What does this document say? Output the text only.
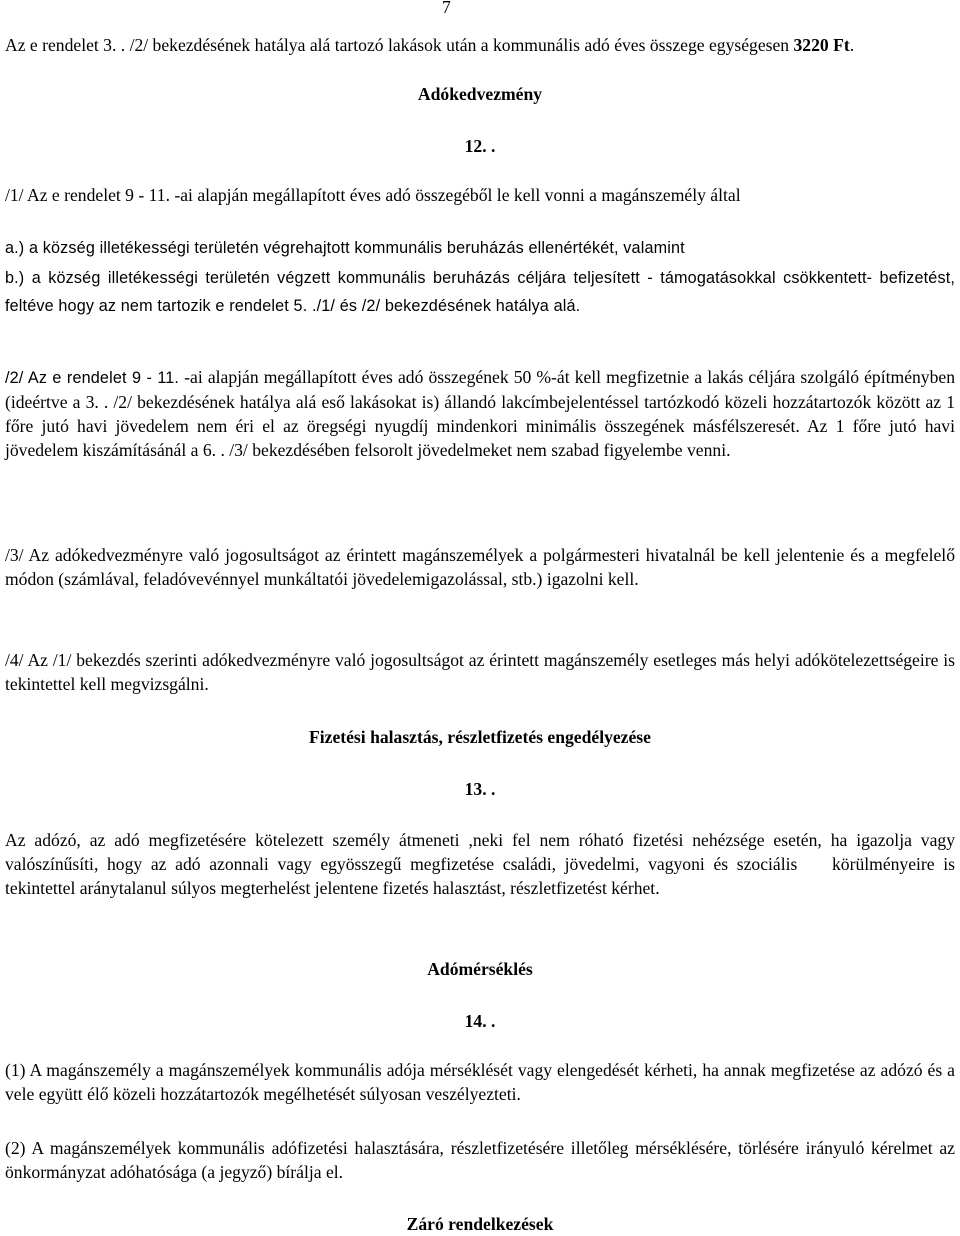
7

Az e rendelet 3. . /2/ bekezdésének hatálya alá tartozó lakások után a kommunális adó éves összege egységesen 3220 Ft.

Adókedvezmény

12. .

/1/ Az e rendelet 9 - 11. -ai alapján megállapított éves adó összegéből le kell vonni a magánszemély által

a.) a község illetékességi területén végrehajtott kommunális beruházás ellenértékét, valamint

b.) a község illetékességi területén végzett kommunális beruházás céljára teljesített - támogatásokkal csökkentett- befizetést, feltéve hogy az nem tartozik e rendelet 5. ./1/ és /2/ bekezdésének hatálya alá.

/2/ Az e rendelet 9 - 11. -ai alapján megállapított éves adó összegének 50 %-át kell megfizetnie a lakás céljára szolgáló építményben (ideértve a 3. . /2/ bekezdésének hatálya alá eső lakásokat is) állandó lakcímbejelentéssel tartózkodó közeli hozzátartozók között az 1 főre jutó havi jövedelem nem éri el az öregségi nyugdíj mindenkori minimális összegének másfélszeresét. Az 1 főre jutó havi jövedelem kiszámításánál a 6. . /3/ bekezdésében felsorolt jövedelmeket nem szabad figyelembe venni.

/3/ Az adókedvezményre való jogosultságot az érintett magánszemélyek a polgármesteri hivatalnál be kell jelentenie és a megfelelő módon (számlával, feladóvevénnyel munkáltatói jövedelemigazolással, stb.) igazolni kell.

/4/ Az /1/ bekezdés szerinti adókedvezményre való jogosultságot az érintett magánszemély esetleges más helyi adókötelezettségeire is tekintettel kell megvizsgálni.

Fizetési halasztás, részletfizetés engedélyezése

13. .

Az adózó, az adó megfizetésére kötelezett személy átmeneti ,neki fel nem róható fizetési nehézsége esetén, ha igazolja vagy valószínűsíti, hogy az adó azonnali vagy egyösszegű megfizetése családi, jövedelmi, vagyoni és szociális    körülményeire is tekintettel aránytalanul súlyos megterhelést jelentene fizetés halasztást, részletfizetést kérhet.

Adómérséklés

14. .

(1) A magánszemély a magánszemélyek kommunális adója mérséklését vagy elengedését kérheti, ha annak megfizetése az adózó és a vele együtt élő közeli hozzátartozók megélhetését súlyosan veszélyezteti.

(2) A magánszemélyek kommunális adófizetési halasztására, részletfizetésére illetőleg mérséklésére, törlésére irányuló kérelmet az önkormányzat adóhatósága (a jegyző) bírálja el.

Záró rendelkezések
